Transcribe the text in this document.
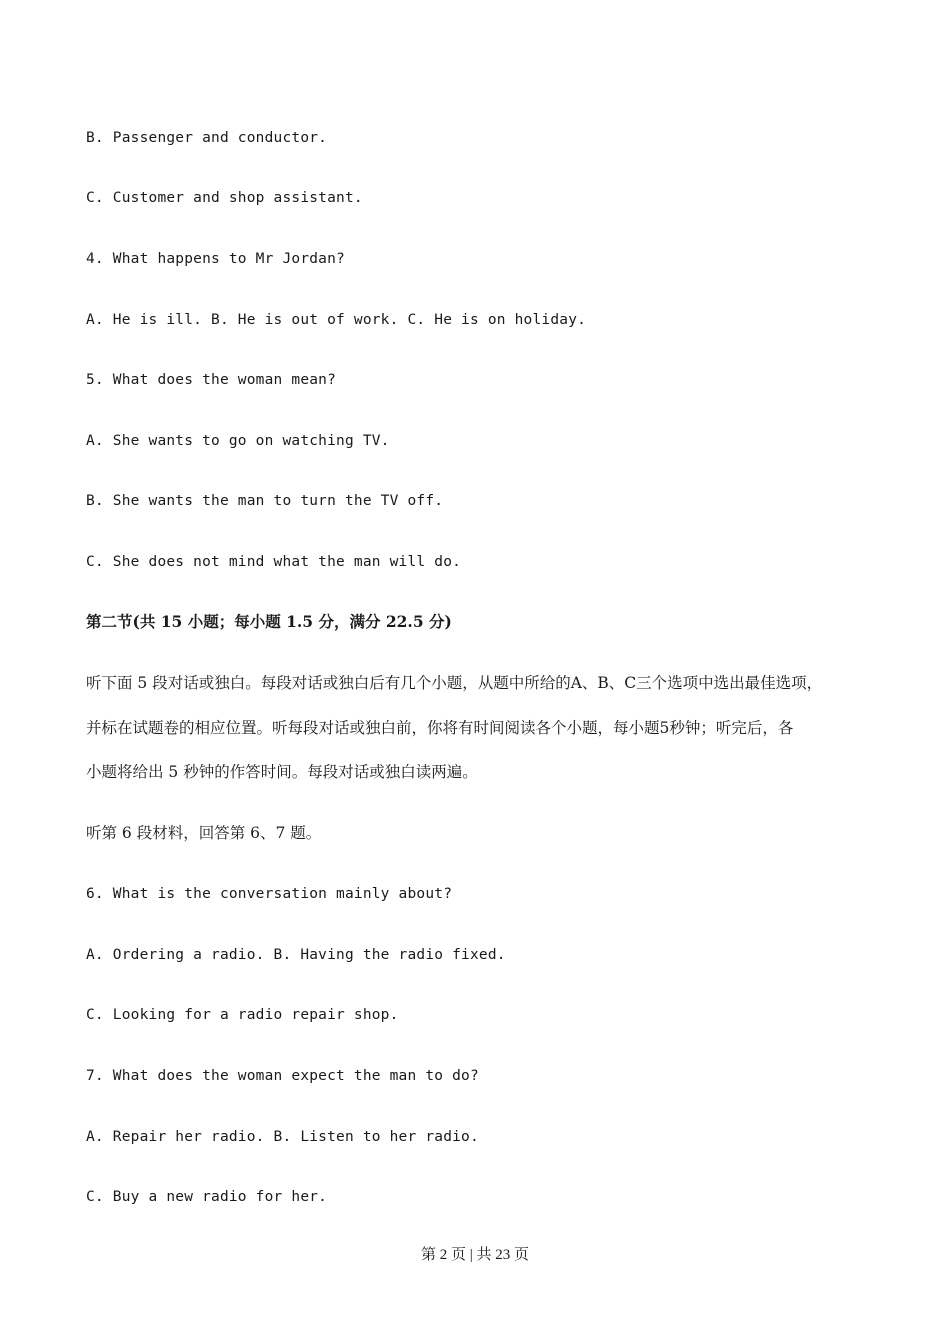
B. Passenger and conductor.
C. Customer and shop assistant.
4. What happens to Mr Jordan?
A. He is ill. B. He is out of work. C. He is on holiday.
5. What does the woman mean?
A. She wants to go on watching TV.
B. She wants the man to turn the TV off.
C. She does not mind what the man will do.
第二节(共 15 小题；每小题 1.5 分，满分 22.5 分)
听下面 5 段对话或独白。每段对话或独白后有几个小题，从题中所给的A、B、C三个选项中选出最佳选项，
并标在试题卷的相应位置。听每段对话或独白前，你将有时间阅读各个小题，每小题5秒钟；听完后，各
小题将给出 5 秒钟的作答时间。每段对话或独白读两遍。
听第 6 段材料，回答第 6、7 题。
6. What is the conversation mainly about?
A. Ordering a radio. B. Having the radio fixed.
C. Looking for a radio repair shop.
7. What does the woman expect the man to do?
A. Repair her radio. B. Listen to her radio.
C. Buy a new radio for her.
第 2 页 | 共 23 页
